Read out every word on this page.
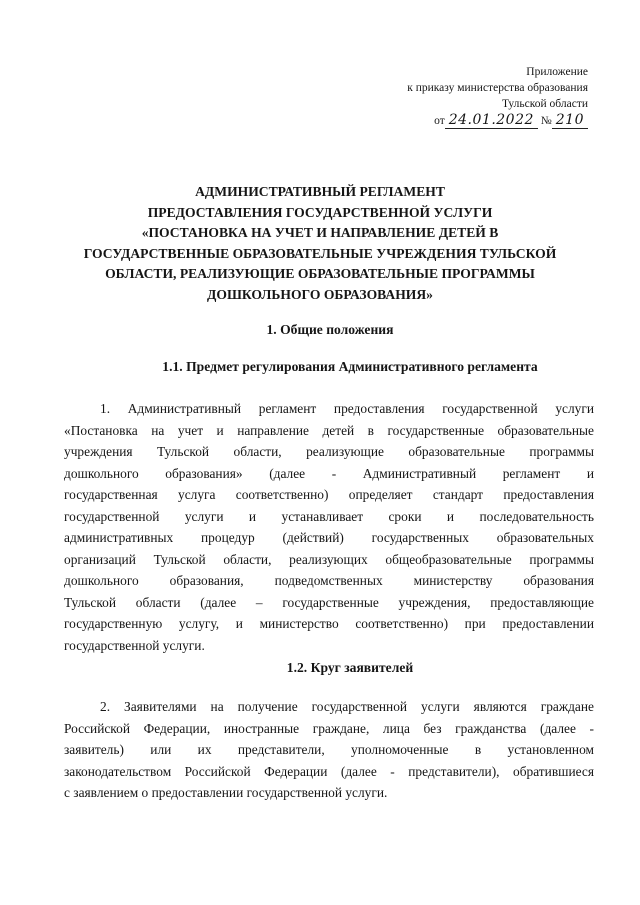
Приложение
к приказу министерства образования
Тульской области
от 24.01.2022 № 210
АДМИНИСТРАТИВНЫЙ РЕГЛАМЕНТ
ПРЕДОСТАВЛЕНИЯ ГОСУДАРСТВЕННОЙ УСЛУГИ
«ПОСТАНОВКА НА УЧЕТ И НАПРАВЛЕНИЕ ДЕТЕЙ В
ГОСУДАРСТВЕННЫЕ ОБРАЗОВАТЕЛЬНЫЕ УЧРЕЖДЕНИЯ ТУЛЬСКОЙ
ОБЛАСТИ, РЕАЛИЗУЮЩИЕ ОБРАЗОВАТЕЛЬНЫЕ ПРОГРАММЫ
ДОШКОЛЬНОГО ОБРАЗОВАНИЯ»
1. Общие положения
1.1. Предмет регулирования Административного регламента
1. Административный регламент предоставления государственной услуги
«Постановка на учет и направление детей в государственные образовательные
учреждения Тульской области, реализующие образовательные программы
дошкольного образования» (далее - Административный регламент и
государственная услуга соответственно) определяет стандарт предоставления
государственной услуги и устанавливает сроки и последовательность
административных процедур (действий) государственных образовательных
организаций Тульской области, реализующих общеобразовательные программы
дошкольного образования, подведомственных министерству образования
Тульской области (далее – государственные учреждения, предоставляющие
государственную услугу, и министерство соответственно) при предоставлении
государственной услуги.
1.2. Круг заявителей
2. Заявителями на получение государственной услуги являются граждане
Российской Федерации, иностранные граждане, лица без гражданства (далее -
заявитель) или их представители, уполномоченные в установленном
законодательством Российской Федерации (далее - представители), обратившиеся
с заявлением о предоставлении государственной услуги.
